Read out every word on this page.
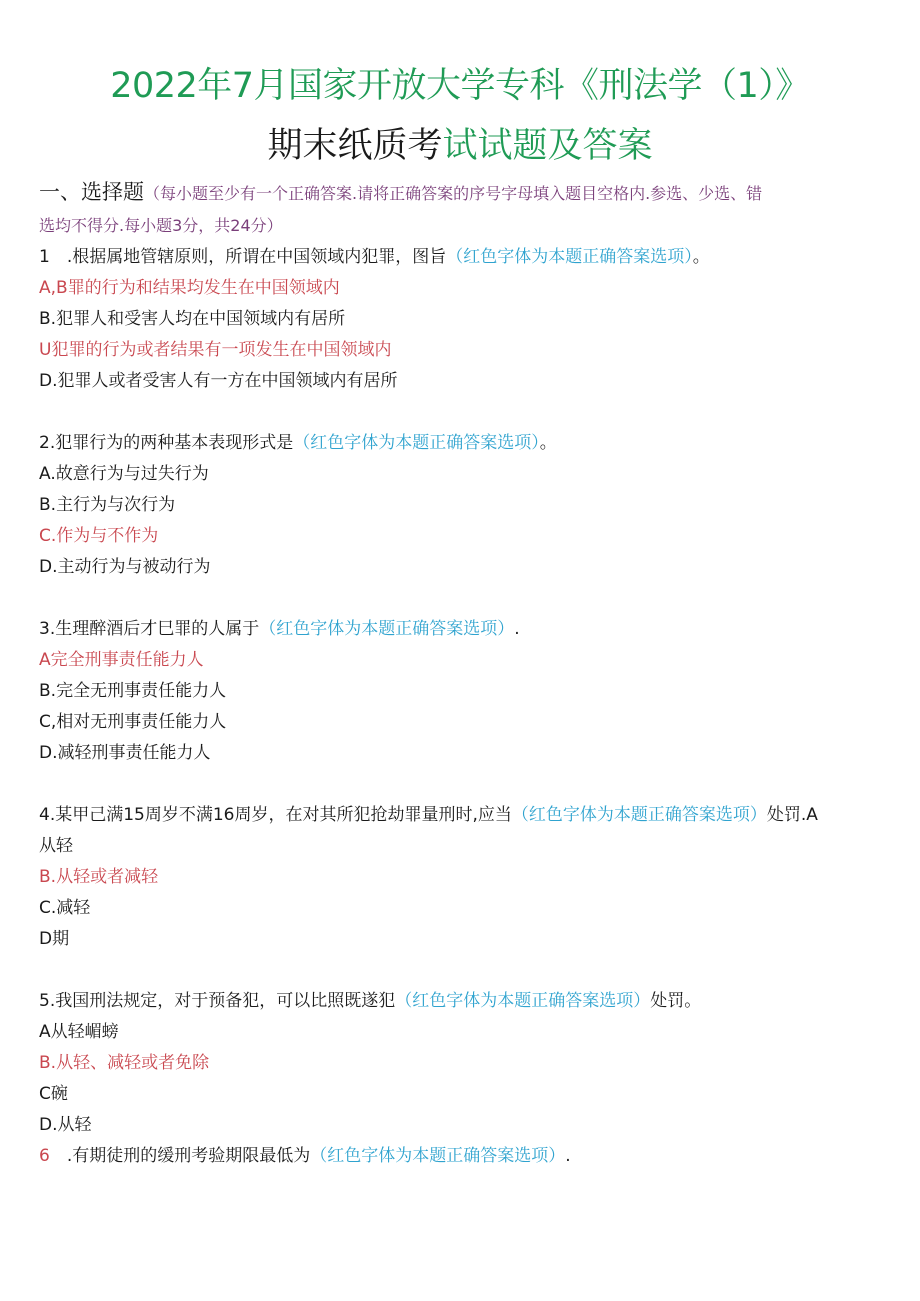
2022年7月国家开放大学专科《刑法学（1）》
期末纸质考试试题及答案
一、选择题（每小题至少有一个正确答案.请将正确答案的序号字母填入题目空格内.参选、少选、错
选均不得分.每小题3分，共24分）
1　.根据属地管辖原则，所谓在中国领域内犯罪，图旨（红色字体为本题正确答案选项）。
A,B罪的行为和结果均发生在中国领域内
B.犯罪人和受害人均在中国领域内有居所
U犯罪的行为或者结果有一项发生在中国领域内
D.犯罪人或者受害人有一方在中国领域内有居所
2.犯罪行为的两种基本表现形式是（红色字体为本题正确答案选项）。
A.故意行为与过失行为
B.主行为与次行为
C.作为与不作为
D.主动行为与被动行为
3.生理醉酒后才巳罪的人属于（红色字体为本题正确答案选项）.
A完全刑事责任能力人
B.完全无刑事责任能力人
C,相对无刑事责任能力人
D.减轻刑事责任能力人
4.某甲己满15周岁不满16周岁，在对其所犯抢劫罪量刑时,应当（红色字体为本题正确答案选项）处罚.A
从轻
B.从轻或者减轻
C.减轻
D期
5.我国刑法规定，对于预备犯，可以比照既遂犯（红色字体为本题正确答案选项）处罚。
A从轻嵋螃
B.从轻、减轻或者免除
C碗
D.从轻
6　.有期徒刑的缓刑考验期限最低为（红色字体为本题正确答案选项）.
